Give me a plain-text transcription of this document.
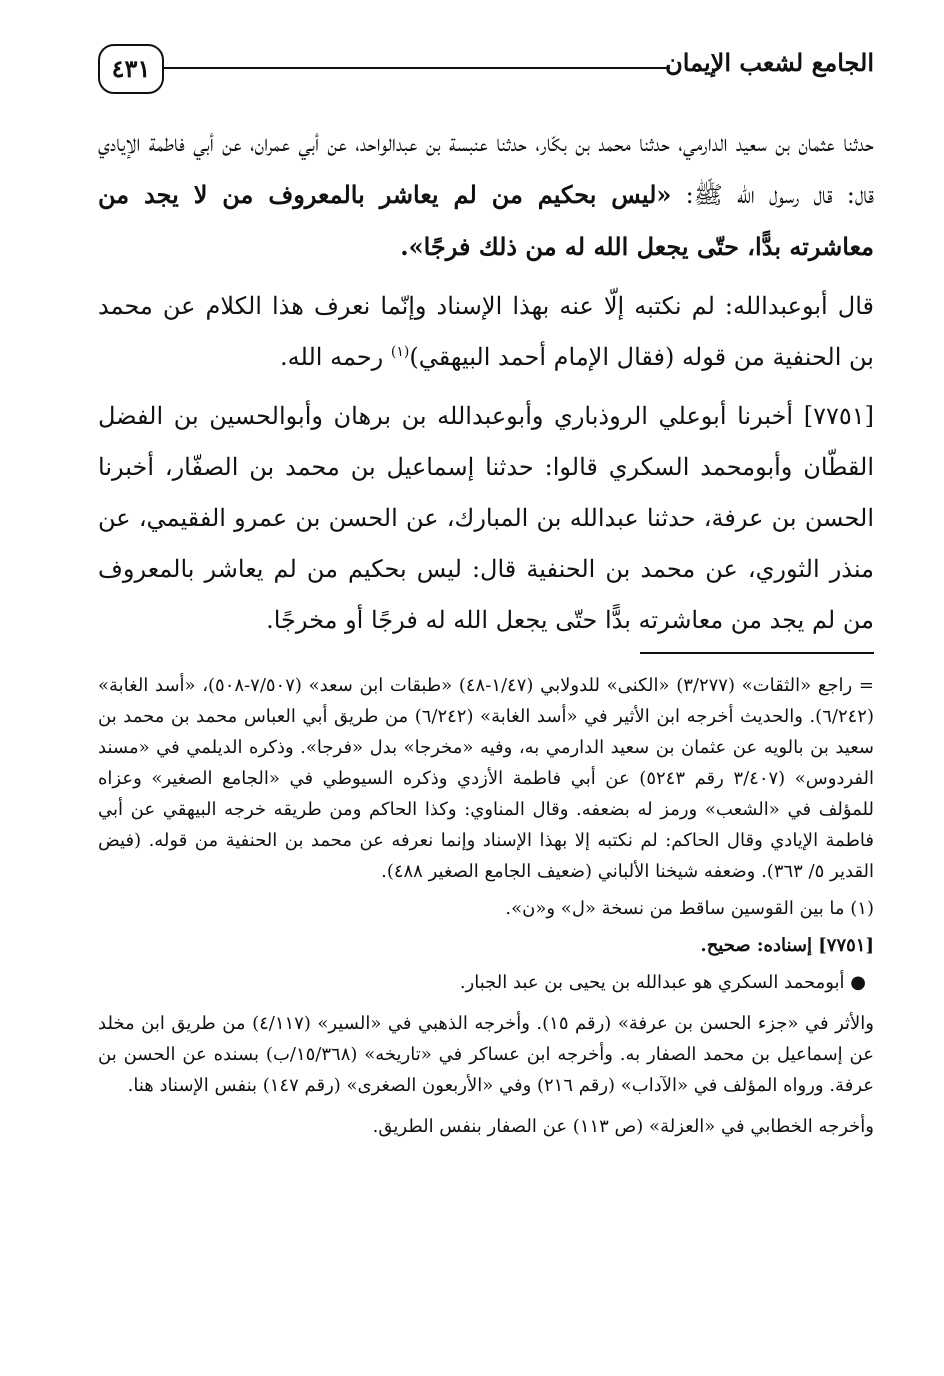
٤٣١	الجامع لشعب الإيمان

حدثنا عثمان بن سعيد الدارمي، حدثنا محمد بن بكّار، حدثنا عنبسة بن عبدالواحد، عن أبي عمران، عن أبي فاطمة الإيادي قال: قال رسول الله ﷺ: «ليس بحكيم من لم يعاشر بالمعروف من لا يجد من معاشرته بدًّا، حتّى يجعل الله له من ذلك فرجًا».

قال أبوعبدالله: لم نكتبه إلّا عنه بهذا الإسناد وإنّما نعرف هذا الكلام عن محمد بن الحنفية من قوله (فقال الإمام أحمد البيهقي)$^{(١)}$ رحمه الله.

[٧٧٥١] أخبرنا أبوعلي الروذباري وأبوعبدالله بن برهان وأبوالحسين بن الفضل القطّان وأبومحمد السكري قالوا: حدثنا إسماعيل بن محمد بن الصفّار، أخبرنا الحسن بن عرفة، حدثنا عبدالله بن المبارك، عن الحسن بن عمرو الفقيمي، عن منذر الثوري، عن محمد بن الحنفية قال: ليس بحكيم من لم يعاشر بالمعروف من لم يجد من معاشرته بدًّا حتّى يجعل الله له فرجًا أو مخرجًا.

= راجع «الثقات» (٣/٢٧٧) «الكنى» للدولابي (١/٤٧-٤٨) «طبقات ابن سعد» (٧/٥٠٧-٥٠٨)، «أسد الغابة» (٦/٢٤٢). والحديث أخرجه ابن الأثير في «أسد الغابة» (٦/٢٤٢) من طريق أبي العباس محمد بن محمد بن سعيد بن بالويه عن عثمان بن سعيد الدارمي به، وفيه «مخرجا» بدل «فرجا». وذكره الديلمي في «مسند الفردوس» (٣/٤٠٧ رقم ٥٢٤٣) عن أبي فاطمة الأزدي وذكره السيوطي في «الجامع الصغير» وعزاه للمؤلف في «الشعب» ورمز له بضعفه. وقال المناوي: وكذا الحاكم ومن طريقه خرجه البيهقي عن أبي فاطمة الإيادي وقال الحاكم: لم نكتبه إلا بهذا الإسناد وإنما نعرفه عن محمد بن الحنفية من قوله. (فيض القدير ٥/ ٣٦٣). وضعفه شيخنا الألباني (ضعيف الجامع الصغير ٤٨٨).

(١) ما بين القوسين ساقط من نسخة «ل» و«ن».

[٧٧٥١] إسناده: صحيح.

● أبومحمد السكري هو عبدالله بن يحيى بن عبد الجبار.

والأثر في «جزء الحسن بن عرفة» (رقم ١٥). وأخرجه الذهبي في «السير» (٤/١١٧) من طريق ابن مخلد عن إسماعيل بن محمد الصفار به. وأخرجه ابن عساكر في «تاريخه» (١٥/٣٦٨/ب) بسنده عن الحسن بن عرفة. ورواه المؤلف في «الآداب» (رقم ٢١٦) وفي «الأربعون الصغرى» (رقم ١٤٧) بنفس الإسناد هنا.

وأخرجه الخطابي في «العزلة» (ص ١١٣) عن الصفار بنفس الطريق.
